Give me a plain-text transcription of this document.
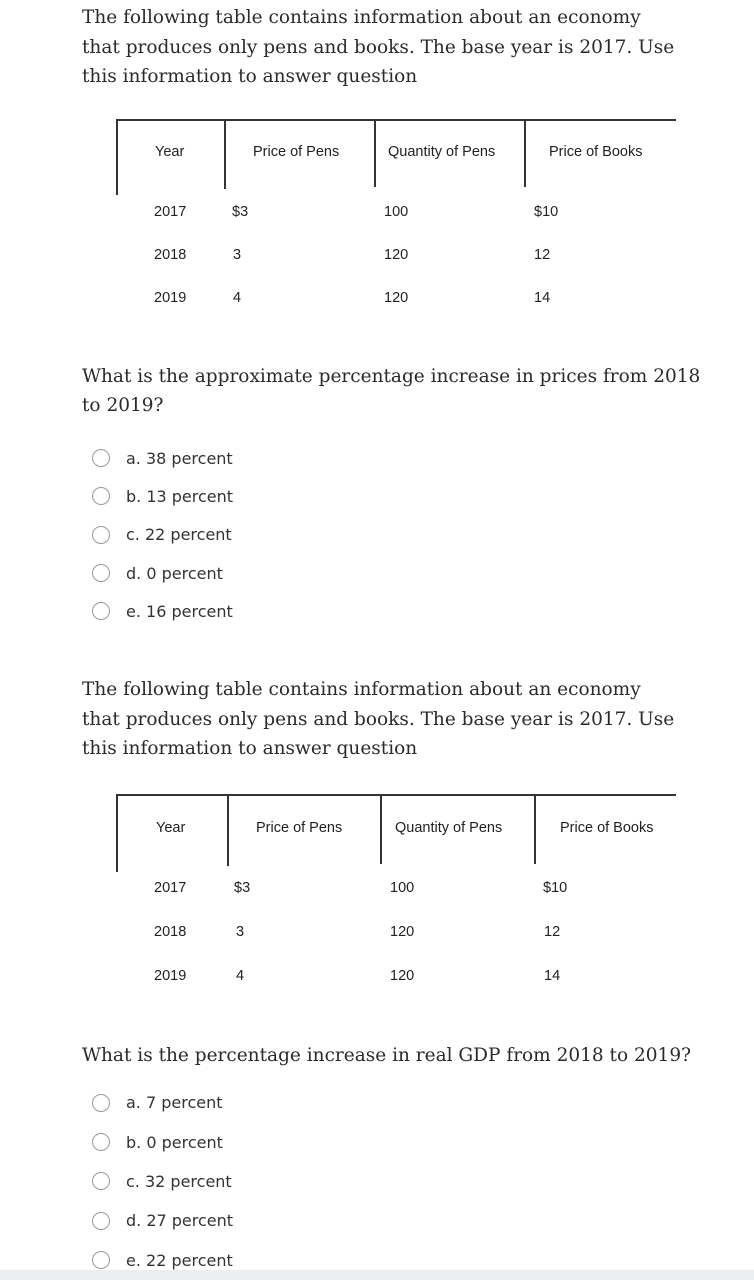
The following table contains information about an economy that produces only pens and books. The base year is 2017. Use this information to answer question

Year	Price of Pens	Quantity of Pens	Price of Books
2017	$3	100	$10
2018	3	120	12
2019	4	120	14

What is the approximate percentage increase in prices from 2018 to 2019?

a. 38 percent
b. 13 percent
c. 22 percent
d. 0 percent
e. 16 percent

The following table contains information about an economy that produces only pens and books. The base year is 2017. Use this information to answer question

Year	Price of Pens	Quantity of Pens	Price of Books
2017	$3	100	$10
2018	3	120	12
2019	4	120	14

What is the percentage increase in real GDP from 2018 to 2019?

a. 7 percent
b. 0 percent
c. 32 percent
d. 27 percent
e. 22 percent
